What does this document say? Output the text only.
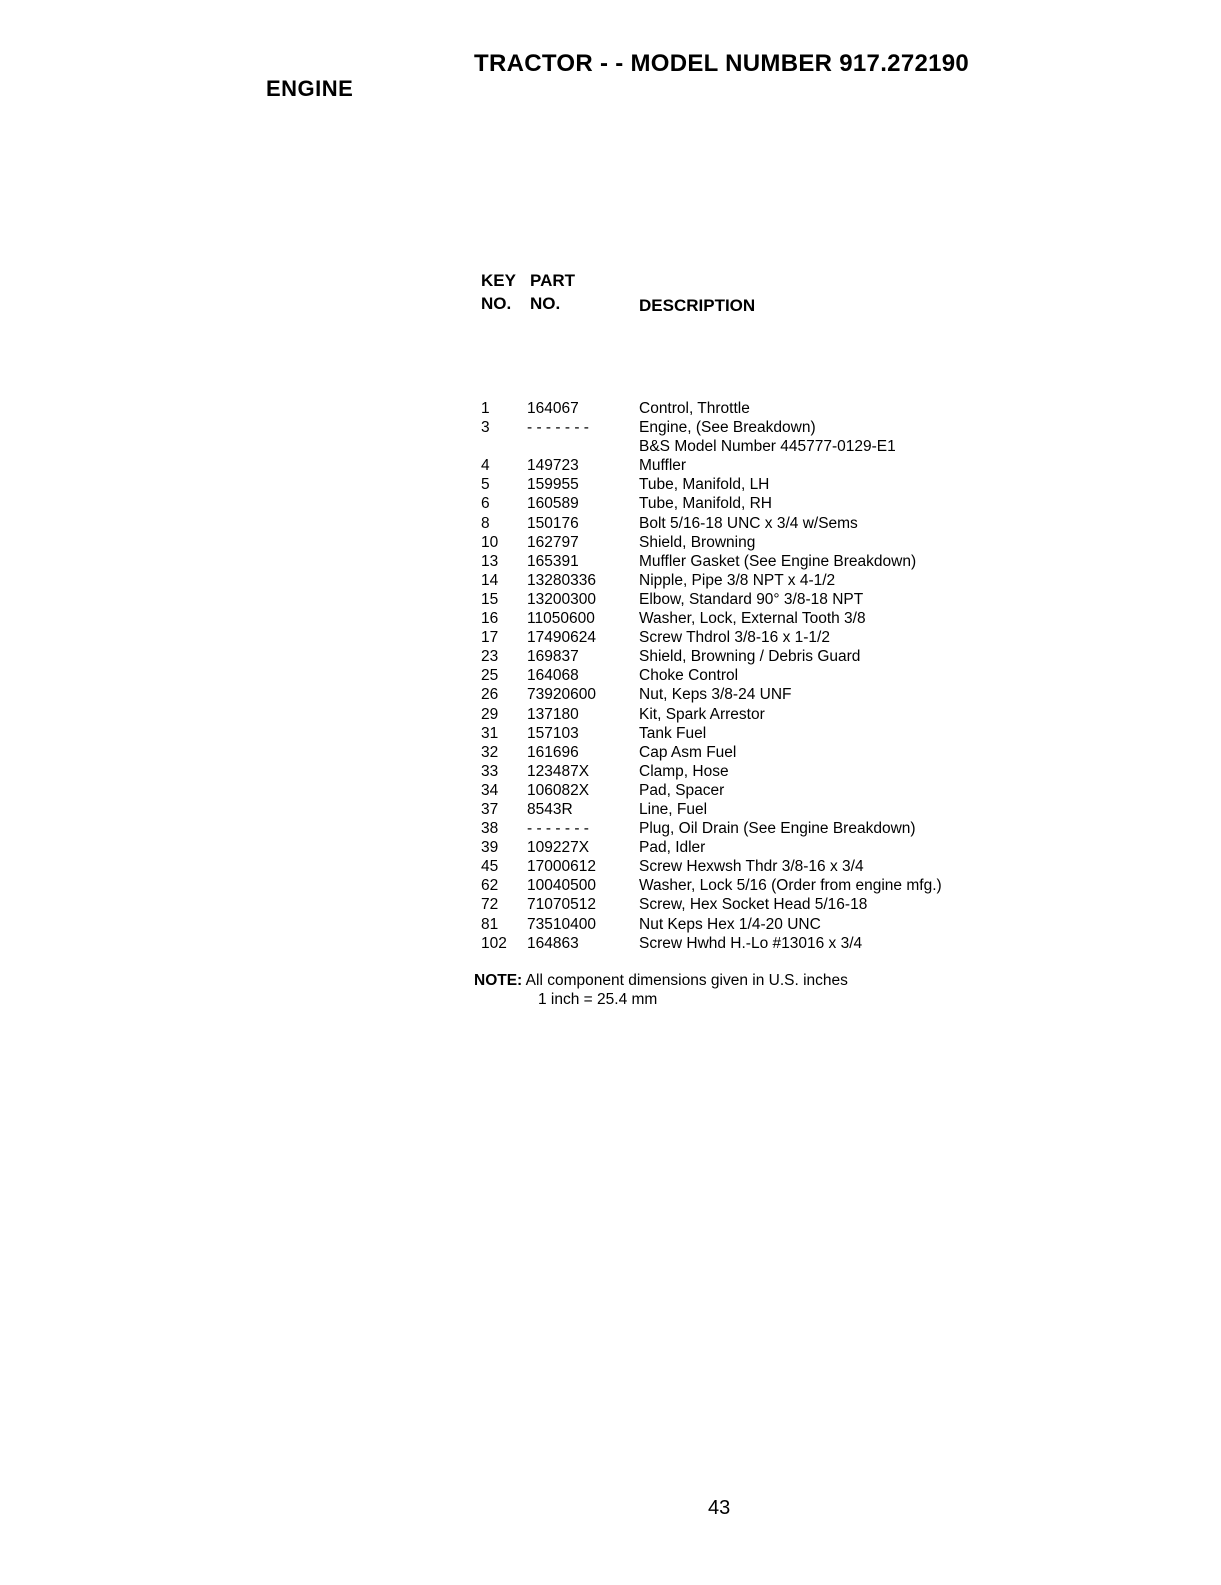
ENGINE
TRACTOR - - MODEL NUMBER 917.272190
KEY PART
NO. NO.	DESCRIPTION
1 164067	Control, Throttle
3 - - - - - - -	Engine, (See Breakdown)
B&S Model Number 445777-0129-E1
4 149723	Muffler
5 159955	Tube, Manifold, LH
6 160589	Tube, Manifold, RH
8 150176	Bolt 5/16-18 UNC x 3/4 w/Sems
10 162797	Shield, Browning
13 165391	Muffler Gasket (See Engine Breakdown)
14 13280336	Nipple, Pipe 3/8 NPT x 4-1/2
15 13200300	Elbow, Standard 90° 3/8-18 NPT
16 11050600	Washer, Lock, External Tooth 3/8
17 17490624	Screw Thdrol 3/8-16 x 1-1/2
23 169837	Shield, Browning / Debris Guard
25 164068	Choke Control
26 73920600	Nut, Keps 3/8-24 UNF
29 137180	Kit, Spark Arrestor
31 157103	Tank Fuel
32 161696	Cap Asm Fuel
33 123487X	Clamp, Hose
34 106082X	Pad, Spacer
37 8543R	Line, Fuel
38 - - - - - - -	Plug, Oil Drain (See Engine Breakdown)
39 109227X	Pad, Idler
45 17000612	Screw Hexwsh Thdr 3/8-16 x 3/4
62 10040500	Washer, Lock 5/16 (Order from engine mfg.)
72 71070512	Screw, Hex Socket Head 5/16-18
81 73510400	Nut Keps Hex 1/4-20 UNC
102 164863	Screw Hwhd H.-Lo #13016 x 3/4
NOTE: All component dimensions given in U.S. inches
1 inch = 25.4 mm
43
